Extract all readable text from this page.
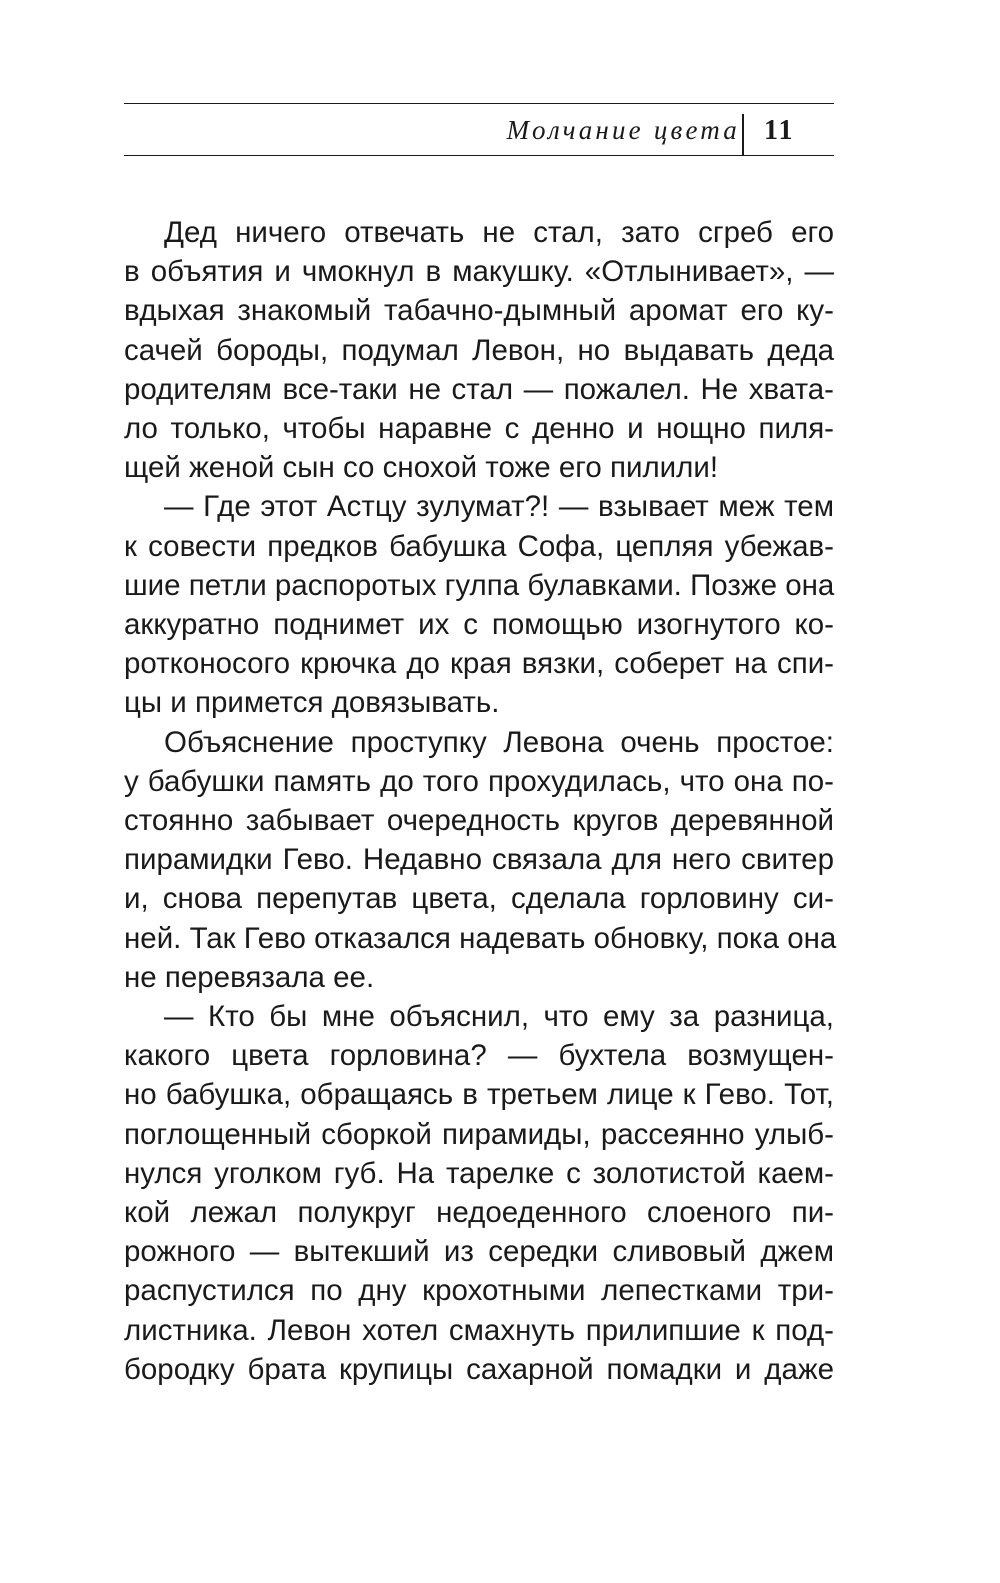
Молчание цвета 11
Дед ничего отвечать не стал, зато сгреб его
в объятия и чмокнул в макушку. «Отлынивает», —
вдыхая знакомый табачно-дымный аромат его ку-
сачей бороды, подумал Левон, но выдавать деда
родителям все-таки не стал — пожалел. Не хвата-
ло только, чтобы наравне с денно и нощно пиля-
щей женой сын со снохой тоже его пилили!
— Где этот Астцу зулумат?! — взывает меж тем
к совести предков бабушка Софа, цепляя убежав-
шие петли распоротых гулпа булавками. Позже она
аккуратно поднимет их с помощью изогнутого ко-
ротконосого крючка до края вязки, соберет на спи-
цы и примется довязывать.
Объяснение проступку Левона очень простое:
у бабушки память до того прохудилась, что она по-
стоянно забывает очередность кругов деревянной
пирамидки Гево. Недавно связала для него свитер
и, снова перепутав цвета, сделала горловину си-
ней. Так Гево отказался надевать обновку, пока она
не перевязала ее.
— Кто бы мне объяснил, что ему за разница,
какого цвета горловина? — бухтела возмущен-
но бабушка, обращаясь в третьем лице к Гево. Тот,
поглощенный сборкой пирамиды, рассеянно улыб-
нулся уголком губ. На тарелке с золотистой каем-
кой лежал полукруг недоеденного слоеного пи-
рожного — вытекший из середки сливовый джем
распустился по дну крохотными лепестками три-
листника. Левон хотел смахнуть прилипшие к под-
бородку брата крупицы сахарной помадки и даже
